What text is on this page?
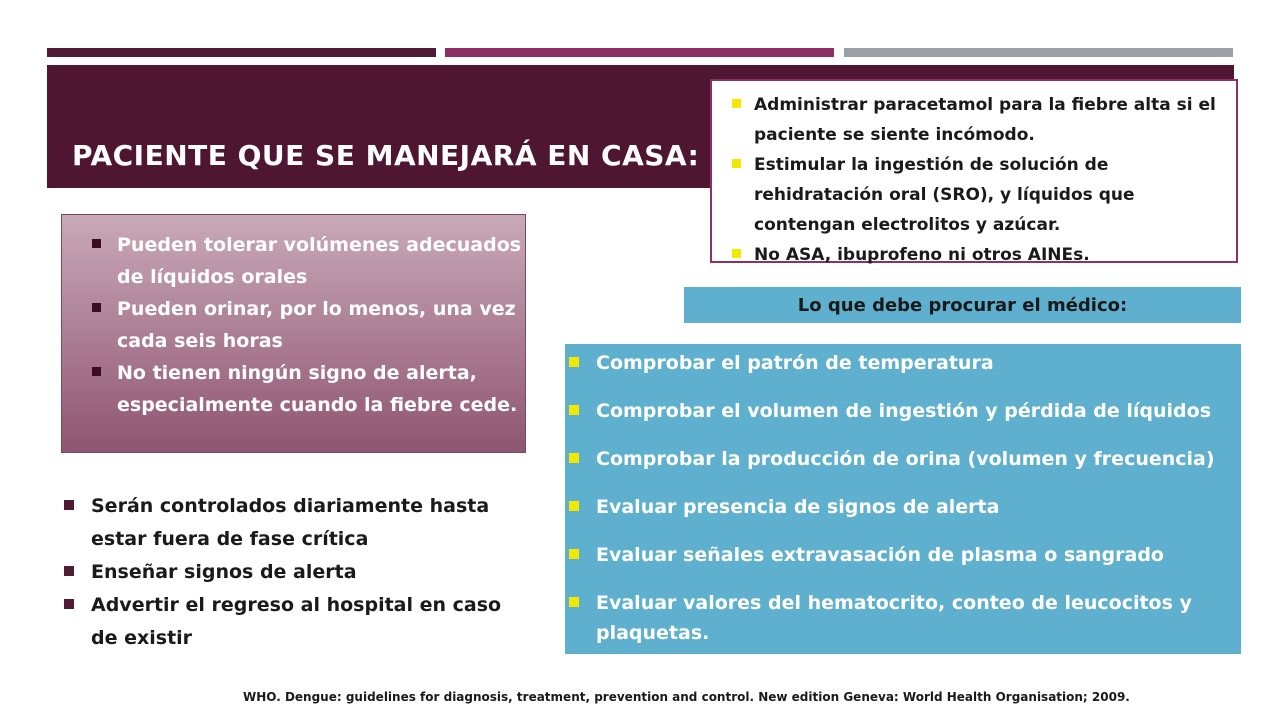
PACIENTE QUE SE MANEJARÁ EN CASA:
Administrar paracetamol para la fiebre alta si el paciente se siente incómodo.
Estimular la ingestión de solución de rehidratación oral (SRO), y líquidos que contengan electrolitos y azúcar.
No ASA, ibuprofeno ni otros AINEs.
Pueden tolerar volúmenes adecuados de líquidos orales
Pueden orinar, por lo menos, una vez cada seis horas
No tienen ningún signo de alerta, especialmente cuando la fiebre cede.
Serán controlados diariamente hasta estar fuera de fase crítica
Enseñar signos de alerta
Advertir el regreso al hospital en caso de existir
Lo que debe procurar el médico:
Comprobar el patrón de temperatura
Comprobar el volumen de ingestión y pérdida de líquidos
Comprobar la producción de orina (volumen y frecuencia)
Evaluar presencia de signos de alerta
Evaluar señales extravasación de plasma o sangrado
Evaluar valores del hematocrito, conteo de leucocitos y plaquetas.
WHO. Dengue: guidelines for diagnosis, treatment, prevention and control. New edition Geneva: World Health Organisation; 2009.
